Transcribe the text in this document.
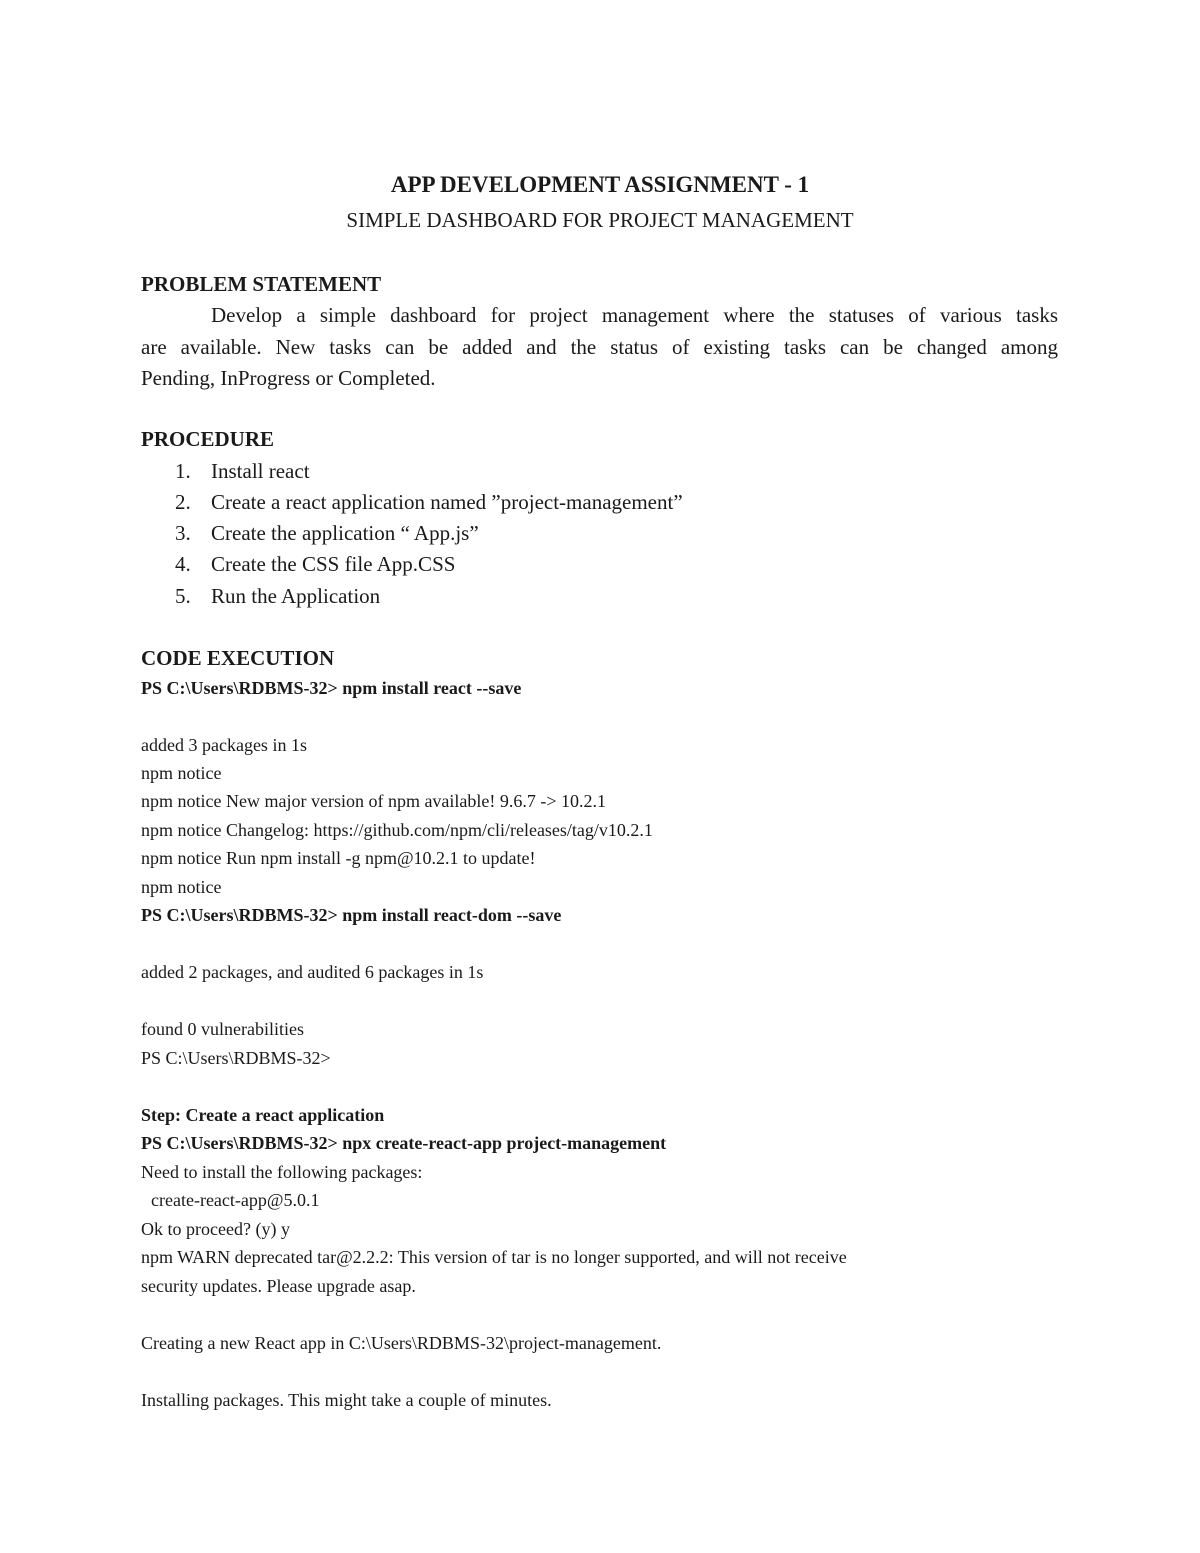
APP DEVELOPMENT ASSIGNMENT - 1

SIMPLE DASHBOARD FOR PROJECT MANAGEMENT

PROBLEM STATEMENT

Develop a simple dashboard for project management where the statuses of various tasks

are available. New tasks can be added and the status of existing tasks can be changed among

Pending, InProgress or Completed.

PROCEDURE

1. Install react

2. Create a react application named ”project-management”

3. Create the application “ App.js”

4. Create the CSS file App.CSS

5. Run the Application

CODE EXECUTION

PS C:\Users\RDBMS-32> npm install react --save

added 3 packages in 1s

npm notice

npm notice New major version of npm available! 9.6.7 -> 10.2.1

npm notice Changelog: https://github.com/npm/cli/releases/tag/v10.2.1

npm notice Run npm install -g npm@10.2.1 to update!

npm notice

PS C:\Users\RDBMS-32> npm install react-dom --save

added 2 packages, and audited 6 packages in 1s

found 0 vulnerabilities

PS C:\Users\RDBMS-32>

Step: Create a react application

PS C:\Users\RDBMS-32> npx create-react-app project-management

Need to install the following packages:

create-react-app@5.0.1

Ok to proceed? (y) y

npm WARN deprecated tar@2.2.2: This version of tar is no longer supported, and will not receive

security updates. Please upgrade asap.

Creating a new React app in C:\Users\RDBMS-32\project-management.

Installing packages. This might take a couple of minutes.
